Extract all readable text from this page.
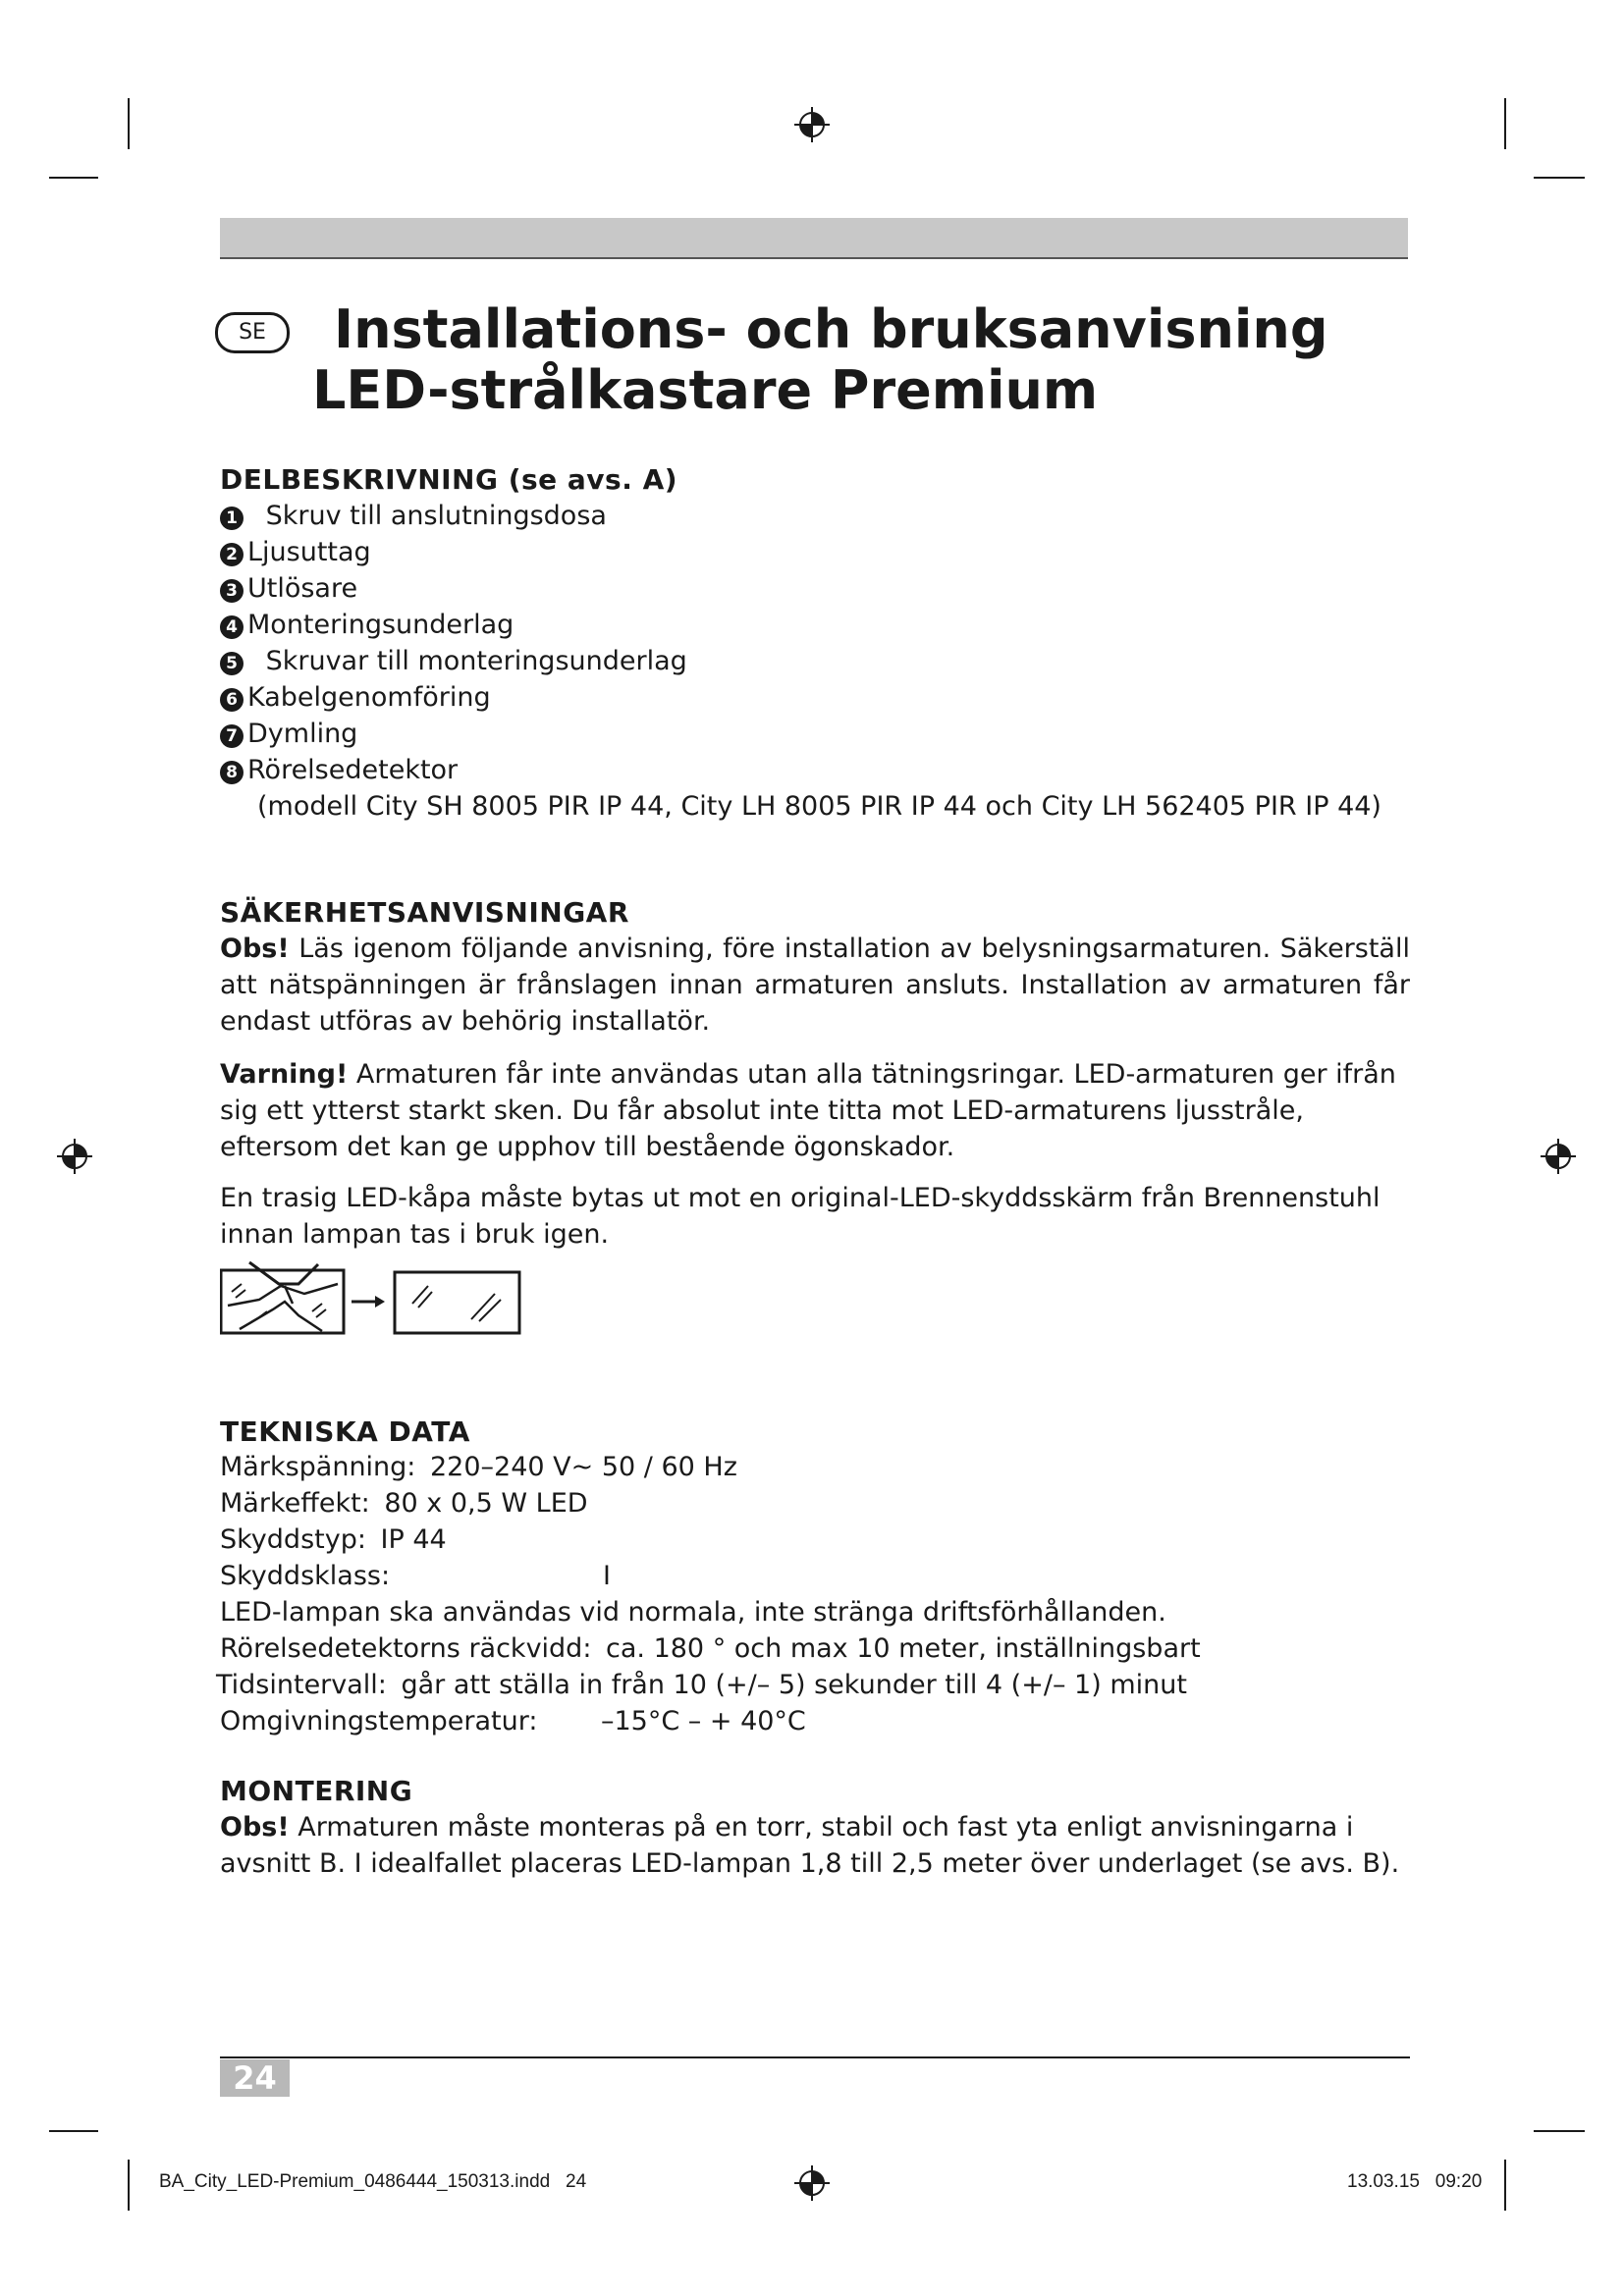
SE	Installations- och bruksanvisning
LED-strålkastare Premium
DELBESKRIVNING (se avs. A)
1 Skruv till anslutningsdosa
2 Ljusuttag
3 Utlösare
4 Monteringsunderlag
5 Skruvar till monteringsunderlag
6 Kabelgenomföring
7 Dymling
8 Rörelsedetektor
(modell City SH 8005 PIR IP 44, City LH 8005 PIR IP 44 och City LH 562405 PIR IP 44)
SÄKERHETSANVISNINGAR
Obs! Läs igenom följande anvisning, före installation av belysningsarmaturen. Säkerställ att nätspänningen är frånslagen innan armaturen ansluts. Installation av armaturen får endast utföras av behörig installatör.
Varning! Armaturen får inte användas utan alla tätningsringar. LED-armaturen ger ifrån sig ett ytterst starkt sken. Du får absolut inte titta mot LED-armaturens ljusstråle, eftersom det kan ge upphov till bestående ögonskador.
En trasig LED-kåpa måste bytas ut mot en original-LED-skyddsskärm från Brennenstuhl innan lampan tas i bruk igen.
TEKNISKA DATA
Märkspänning: 220–240 V~ 50 / 60 Hz
Märkeffekt: 80 x 0,5 W LED
Skyddstyp: IP 44
Skyddsklass:	I
LED-lampan ska användas vid normala, inte stränga driftsförhållanden.
Rörelsedetektorns räckvidd: ca. 180 ° och max 10 meter, inställningsbart
Tidsintervall: går att ställa in från 10 (+/– 5) sekunder till 4 (+/– 1) minut
Omgivningstemperatur: –15°C – + 40°C
MONTERING
Obs! Armaturen måste monteras på en torr, stabil och fast yta enligt anvisningarna i avsnitt B. I idealfallet placeras LED-lampan 1,8 till 2,5 meter över underlaget (se avs. B).
24
BA_City_LED-Premium_0486444_150313.indd   24	13.03.15   09:20
